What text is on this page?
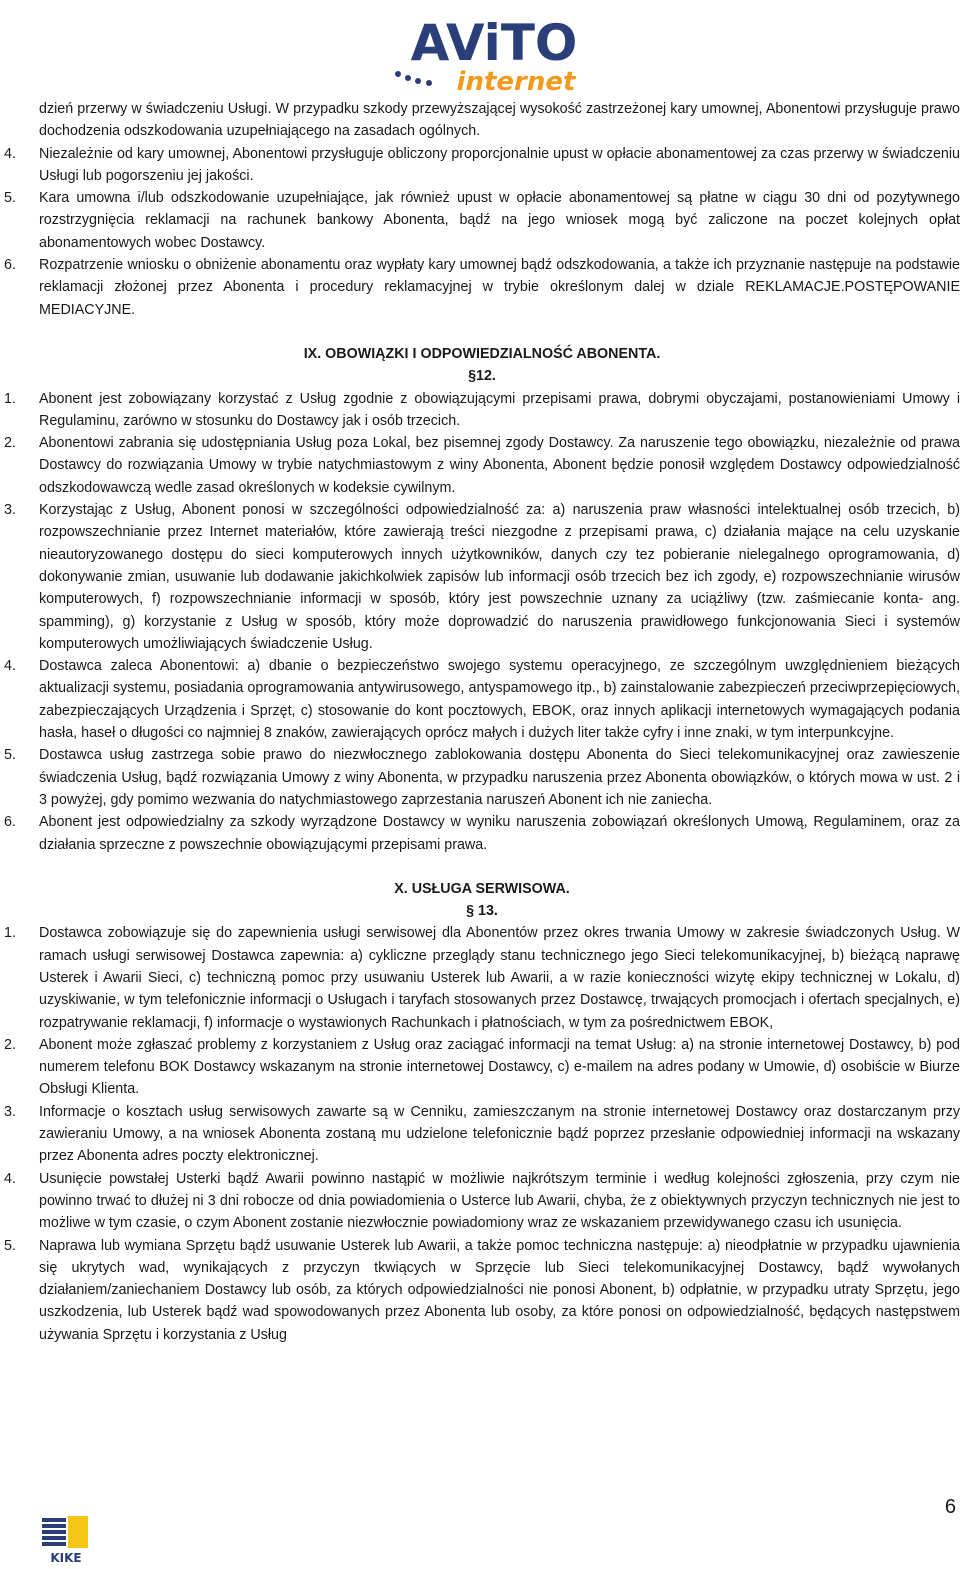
AViTO
internet

dzień przerwy w świadczeniu Usługi. W przypadku szkody przewyższającej wysokość zastrzeżonej kary umownej, Abonentowi przysługuje prawo dochodzenia odszkodowania uzupełniającego na zasadach ogólnych.

4. Niezależnie od kary umownej, Abonentowi przysługuje obliczony proporcjonalnie upust w opłacie abonamentowej za czas przerwy w świadczeniu Usługi lub pogorszeniu jej jakości.
5. Kara umowna i/lub odszkodowanie uzupełniające, jak również upust w opłacie abonamentowej są płatne w ciągu 30 dni od pozytywnego rozstrzygnięcia reklamacji na rachunek bankowy Abonenta, bądź na jego wniosek mogą być zaliczone na poczet kolejnych opłat abonamentowych wobec Dostawcy.
6. Rozpatrzenie wniosku o obniżenie abonamentu oraz wypłaty kary umownej bądź odszkodowania, a także ich przyznanie następuje na podstawie reklamacji złożonej przez Abonenta i procedury reklamacyjnej w trybie określonym dalej w dziale REKLAMACJE.POSTĘPOWANIE MEDIACYJNE.

IX. OBOWIĄZKI I ODPOWIEDZIALNOŚĆ ABONENTA.

§12.

1. Abonent jest zobowiązany korzystać z Usług zgodnie z obowiązującymi przepisami prawa, dobrymi obyczajami, postanowieniami Umowy i Regulaminu, zarówno w stosunku do Dostawcy jak i osób trzecich.
2. Abonentowi zabrania się udostępniania Usług poza Lokal, bez pisemnej zgody Dostawcy. Za naruszenie tego obowiązku, niezależnie od prawa Dostawcy do rozwiązania Umowy w trybie natychmiastowym z winy Abonenta, Abonent będzie ponosił względem Dostawcy odpowiedzialność odszkodowawczą wedle zasad określonych w kodeksie cywilnym.
3. Korzystając z Usług, Abonent ponosi w szczególności odpowiedzialność za: a) naruszenia praw własności intelektualnej osób trzecich, b) rozpowszechnianie przez Internet materiałów, które zawierają treści niezgodne z przepisami prawa, c) działania mające na celu uzyskanie nieautoryzowanego dostępu do sieci komputerowych innych użytkowników, danych czy tez pobieranie nielegalnego oprogramowania, d) dokonywanie zmian, usuwanie lub dodawanie jakichkolwiek zapisów lub informacji osób trzecich bez ich zgody, e) rozpowszechnianie wirusów komputerowych, f) rozpowszechnianie informacji w sposób, który jest powszechnie uznany za uciążliwy (tzw. zaśmiecanie konta- ang. spamming), g) korzystanie z Usług w sposób, który może doprowadzić do naruszenia prawidłowego funkcjonowania Sieci i systemów komputerowych umożliwiających świadczenie Usług.
4. Dostawca zaleca Abonentowi: a) dbanie o bezpieczeństwo swojego systemu operacyjnego, ze szczególnym uwzględnieniem bieżących aktualizacji systemu, posiadania oprogramowania antywirusowego, antyspamowego itp., b) zainstalowanie zabezpieczeń przeciwprzepięciowych, zabezpieczających Urządzenia i Sprzęt, c) stosowanie do kont pocztowych, EBOK, oraz innych aplikacji internetowych wymagających podania hasła, haseł o długości co najmniej 8 znaków, zawierających oprócz małych i dużych liter także cyfry i inne znaki, w tym interpunkcyjne.
5. Dostawca usług zastrzega sobie prawo do niezwłocznego zablokowania dostępu Abonenta do Sieci telekomunikacyjnej oraz zawieszenie świadczenia Usług, bądź rozwiązania Umowy z winy Abonenta, w przypadku naruszenia przez Abonenta obowiązków, o których mowa w ust. 2 i 3 powyżej, gdy pomimo wezwania do natychmiastowego zaprzestania naruszeń Abonent ich nie zaniecha.
6. Abonent jest odpowiedzialny za szkody wyrządzone Dostawcy w wyniku naruszenia zobowiązań określonych Umową, Regulaminem, oraz za działania sprzeczne z powszechnie obowiązującymi przepisami prawa.

X. USŁUGA SERWISOWA.

§ 13.

1. Dostawca zobowiązuje się do zapewnienia usługi serwisowej dla Abonentów przez okres trwania Umowy w zakresie świadczonych Usług. W ramach usługi serwisowej Dostawca zapewnia: a) cykliczne przeglądy stanu technicznego jego Sieci telekomunikacyjnej, b) bieżącą naprawę Usterek i Awarii Sieci, c) techniczną pomoc przy usuwaniu Usterek lub Awarii, a w razie konieczności wizytę ekipy technicznej w Lokalu, d) uzyskiwanie, w tym telefonicznie informacji o Usługach i taryfach stosowanych przez Dostawcę, trwających promocjach i ofertach specjalnych, e) rozpatrywanie reklamacji, f) informacje o wystawionych Rachunkach i płatnościach, w tym za pośrednictwem EBOK,
2. Abonent może zgłaszać problemy z korzystaniem z Usług oraz zaciągać informacji na temat Usług: a) na stronie internetowej Dostawcy, b) pod numerem telefonu BOK Dostawcy wskazanym na stronie internetowej Dostawcy, c) e-mailem na adres podany w Umowie, d) osobiście w Biurze Obsługi Klienta.
3. Informacje o kosztach usług serwisowych zawarte są w Cenniku, zamieszczanym na stronie internetowej Dostawcy oraz dostarczanym przy zawieraniu Umowy, a na wniosek Abonenta zostaną mu udzielone telefonicznie bądź poprzez przesłanie odpowiedniej informacji na wskazany przez Abonenta adres poczty elektronicznej.
4. Usunięcie powstałej Usterki bądź Awarii powinno nastąpić w możliwie najkrótszym terminie i według kolejności zgłoszenia, przy czym nie powinno trwać to dłużej ni 3 dni robocze od dnia powiadomienia o Usterce lub Awarii, chyba, że z obiektywnych przyczyn technicznych nie jest to możliwe w tym czasie, o czym Abonent zostanie niezwłocznie powiadomiony wraz ze wskazaniem przewidywanego czasu ich usunięcia.
5. Naprawa lub wymiana Sprzętu bądź usuwanie Usterek lub Awarii, a także pomoc techniczna następuje: a) nieodpłatnie w przypadku ujawnienia się ukrytych wad, wynikających z przyczyn tkwiących w Sprzęcie lub Sieci telekomunikacyjnej Dostawcy, bądź wywołanych działaniem/zaniechaniem Dostawcy lub osób, za których odpowiedzialności nie ponosi Abonent, b) odpłatnie, w przypadku utraty Sprzętu, jego uszkodzenia, lub Usterek bądź wad spowodowanych przez Abonenta lub osoby, za które ponosi on odpowiedzialność, będących następstwem używania Sprzętu i korzystania z Usług
6
KIKE
